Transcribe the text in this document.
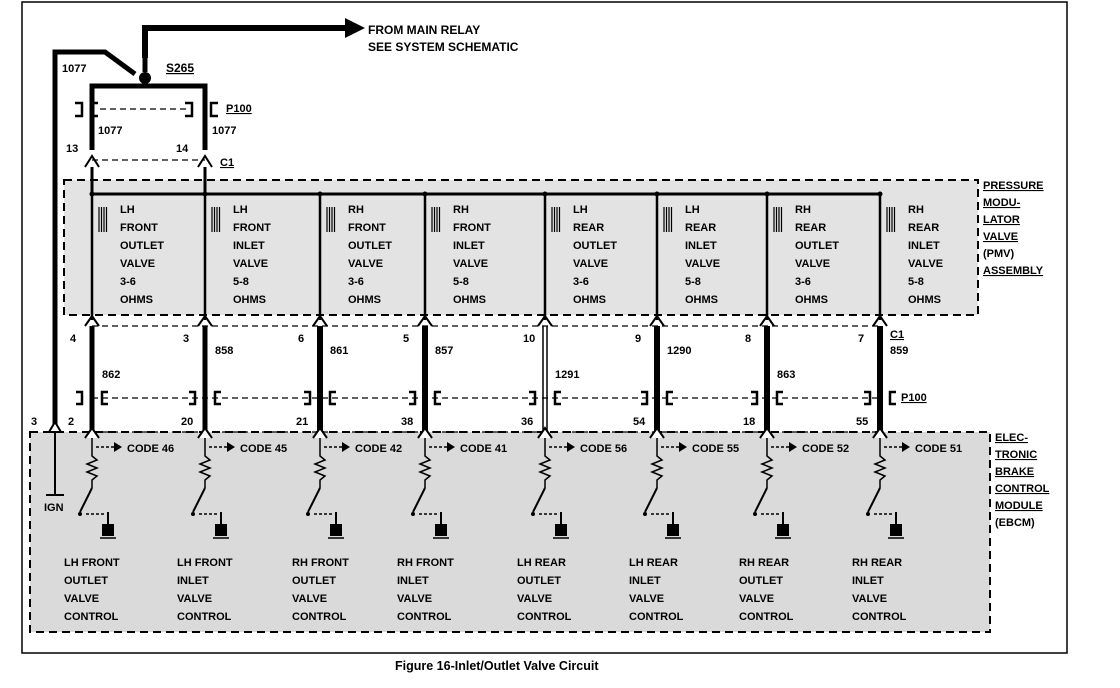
FROM MAIN RELAY
SEE SYSTEM SCHEMATIC
S265
1077
1077	1077
13	14
P100
C1
3
IGN
P100
C1
PRESSURE
MODU-
LATOR
VALVE
(PMV)
ASSEMBLY
ELEC-
TRONIC
BRAKE
CONTROL
MODULE
(EBCM)
LH
FRONT
OUTLET
VALVE
3-6
OHMS
4
862
2
CODE 46
LH FRONT
OUTLET
VALVE
CONTROL
LH
FRONT
INLET
VALVE
5-8
OHMS
3
858
20
CODE 45
LH FRONT
INLET
VALVE
CONTROL
RH
FRONT
OUTLET
VALVE
3-6
OHMS
6
861
21
CODE 42
RH FRONT
OUTLET
VALVE
CONTROL
RH
FRONT
INLET
VALVE
5-8
OHMS
5
857
38
CODE 41
RH FRONT
INLET
VALVE
CONTROL
LH
REAR
OUTLET
VALVE
3-6
OHMS
10
1291
36
CODE 56
LH REAR
OUTLET
VALVE
CONTROL
LH
REAR
INLET
VALVE
5-8
OHMS
9
1290
54
CODE 55
LH REAR
INLET
VALVE
CONTROL
RH
REAR
OUTLET
VALVE
3-6
OHMS
8
863
18
CODE 52
RH REAR
OUTLET
VALVE
CONTROL
RH
REAR
INLET
VALVE
5-8
OHMS
7
859
55
CODE 51
RH REAR
INLET
VALVE
CONTROL
Figure 16-Inlet/Outlet Valve Circuit
